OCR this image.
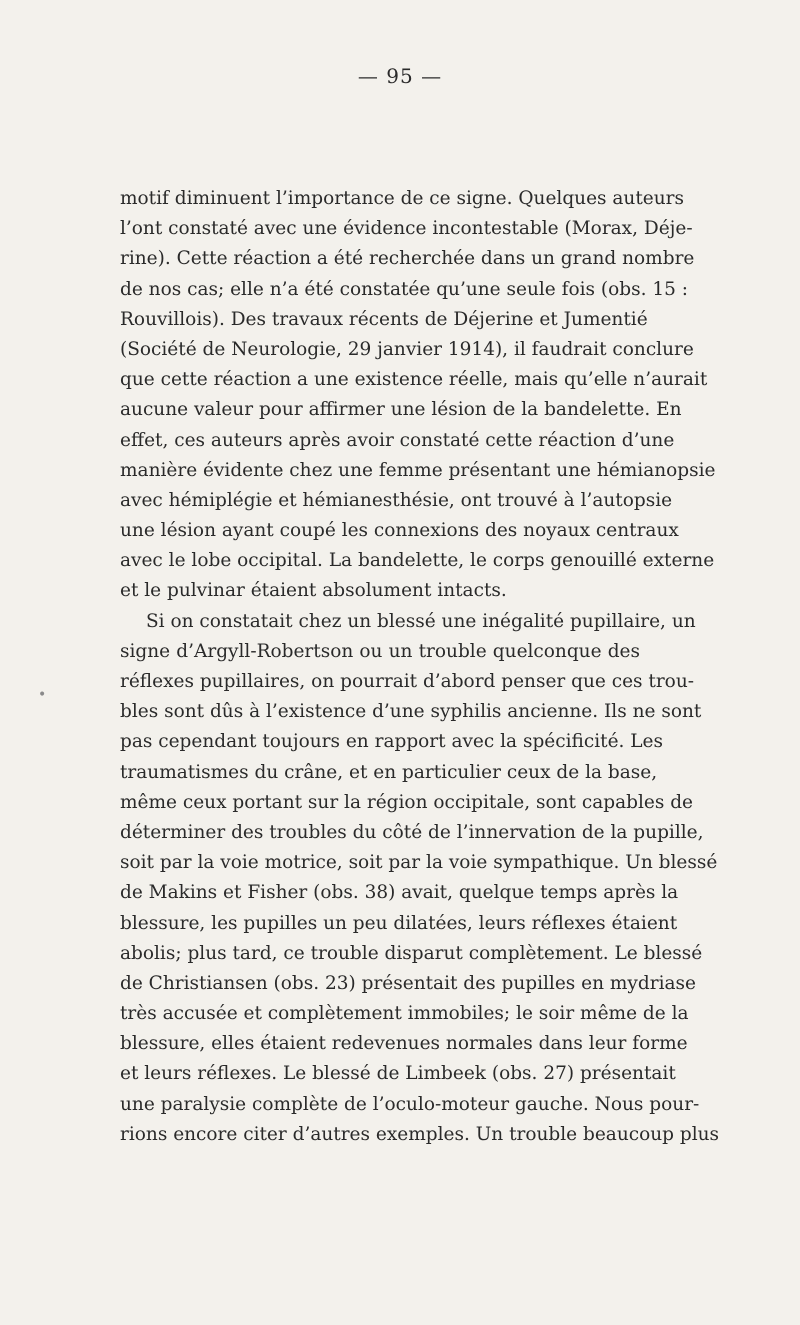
— 95 —
•
motif diminuent l’importance de ce signe. Quelques auteurs
l’ont constaté avec une évidence incontestable (Morax, Déje-
rine). Cette réaction a été recherchée dans un grand nombre
de nos cas; elle n’a été constatée qu’une seule fois (obs. 15 :
Rouvillois). Des travaux récents de Déjerine et Jumentié
(Société de Neurologie, 29 janvier 1914), il faudrait conclure
que cette réaction a une existence réelle, mais qu’elle n’aurait
aucune valeur pour affirmer une lésion de la bandelette. En
effet, ces auteurs après avoir constaté cette réaction d’une
manière évidente chez une femme présentant une hémianopsie
avec hémiplégie et hémianesthésie, ont trouvé à l’autopsie
une lésion ayant coupé les connexions des noyaux centraux
avec le lobe occipital. La bandelette, le corps genouillé externe
et le pulvinar étaient absolument intacts.
Si on constatait chez un blessé une inégalité pupillaire, un
signe d’Argyll-Robertson ou un trouble quelconque des
réflexes pupillaires, on pourrait d’abord penser que ces trou-
bles sont dûs à l’existence d’une syphilis ancienne. Ils ne sont
pas cependant toujours en rapport avec la spécificité. Les
traumatismes du crâne, et en particulier ceux de la base,
même ceux portant sur la région occipitale, sont capables de
déterminer des troubles du côté de l’innervation de la pupille,
soit par la voie motrice, soit par la voie sympathique. Un blessé
de Makins et Fisher (obs. 38) avait, quelque temps après la
blessure, les pupilles un peu dilatées, leurs réflexes étaient
abolis; plus tard, ce trouble disparut complètement. Le blessé
de Christiansen (obs. 23) présentait des pupilles en mydriase
très accusée et complètement immobiles; le soir même de la
blessure, elles étaient redevenues normales dans leur forme
et leurs réflexes. Le blessé de Limbeek (obs. 27) présentait
une paralysie complète de l’oculo-moteur gauche. Nous pour-
rions encore citer d’autres exemples. Un trouble beaucoup plus
